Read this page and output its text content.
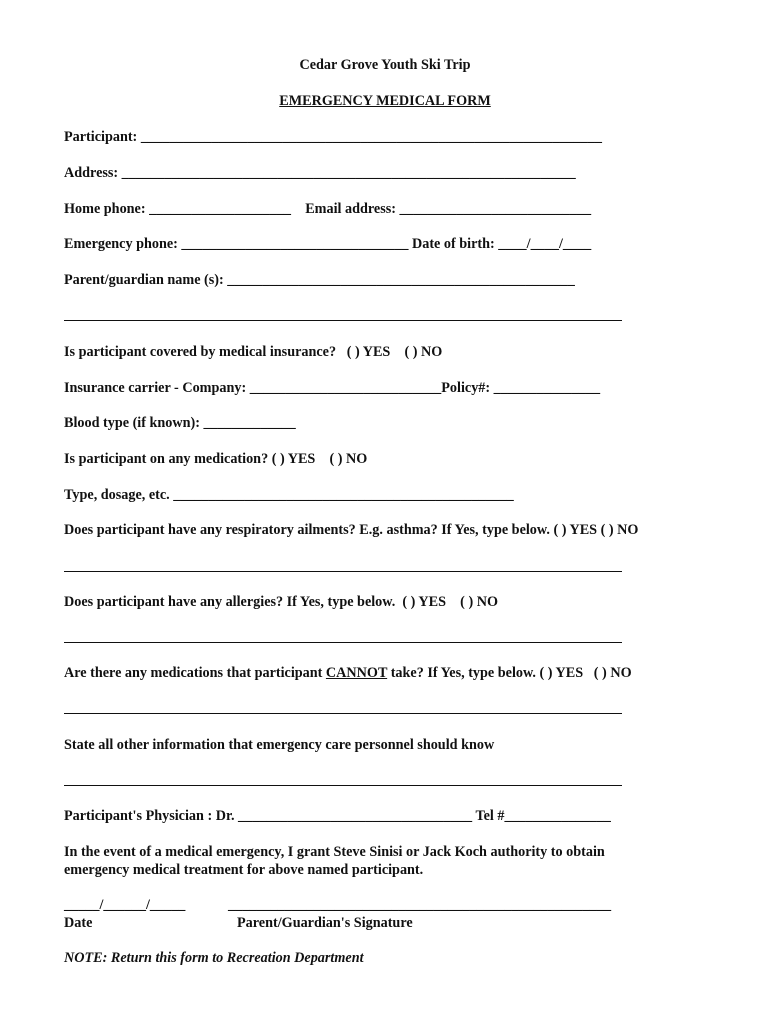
Cedar Grove Youth Ski Trip
EMERGENCY MEDICAL FORM
Participant: _________________________________________________________________
Address: ________________________________________________________________
Home phone: ____________________    Email address: ___________________________
Emergency phone: ________________________________ Date of birth: ____/____/____
Parent/guardian name (s): _________________________________________________
Is participant covered by medical insurance?   ( ) YES    ( ) NO
Insurance carrier - Company: ___________________________Policy#: _______________
Blood type (if known): _____________
Is participant on any medication? ( ) YES    ( ) NO
Type, dosage, etc. ________________________________________________
Does participant have any respiratory ailments? E.g. asthma? If Yes, type below. ( ) YES ( ) NO
Does participant have any allergies? If Yes, type below.  ( ) YES    ( ) NO
Are there any medications that participant CANNOT take? If Yes, type below. ( ) YES   ( ) NO
State all other information that emergency care personnel should know
Participant's Physician : Dr. _________________________________ Tel #_______________
In the event of a medical emergency, I grant Steve Sinisi or Jack Koch authority to obtain
emergency medical treatment for above named participant.
_____/______/_____	______________________________________________________
Date	Parent/Guardian's Signature
NOTE: Return this form to Recreation Department
